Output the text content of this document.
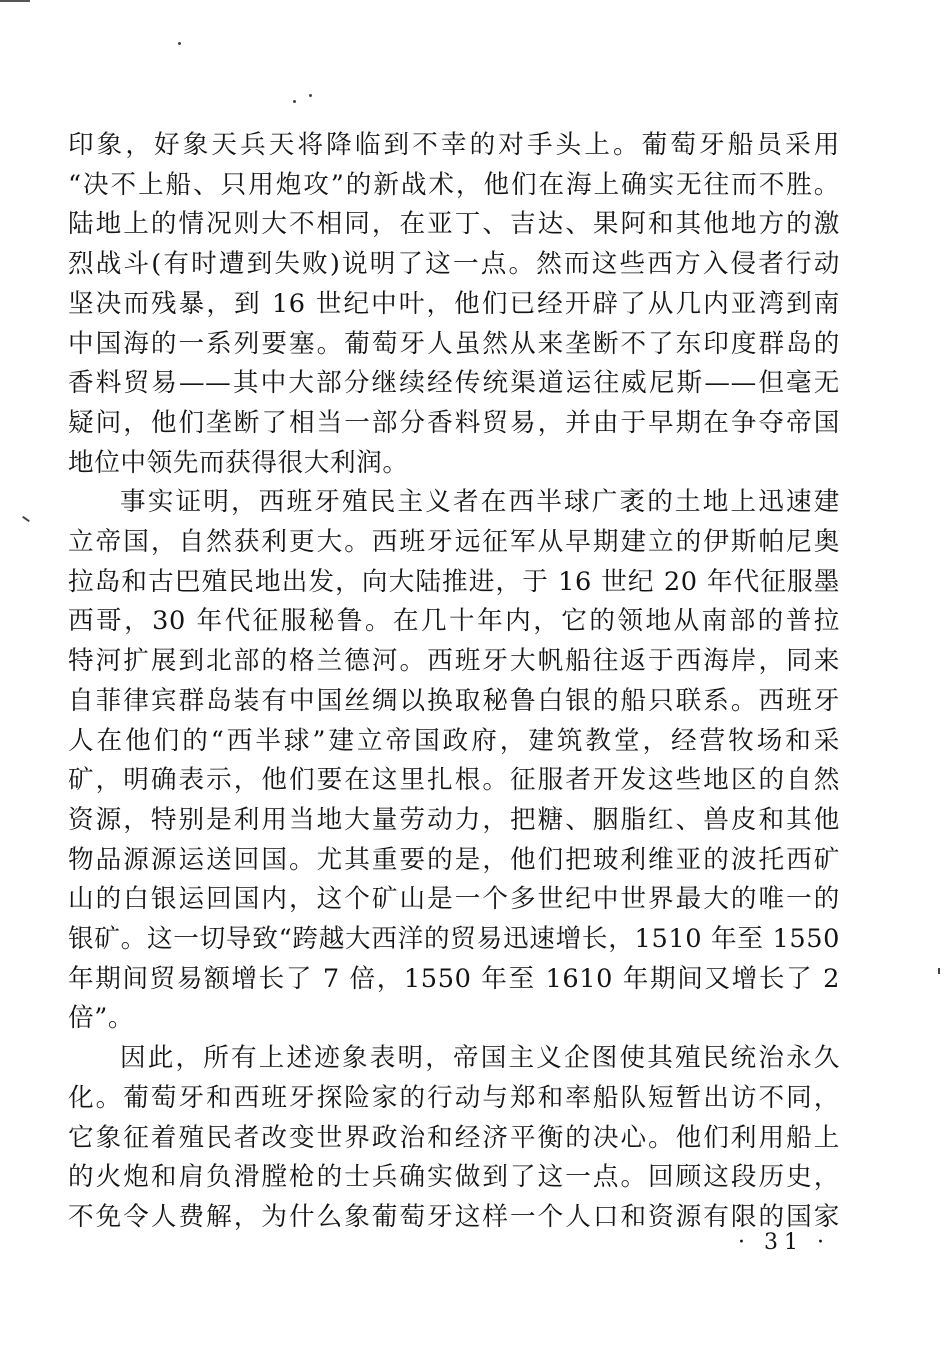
印象，好象天兵天将降临到不幸的对手头上。葡萄牙船员采用
“决不上船、只用炮攻”的新战术，他们在海上确实无往而不胜。
陆地上的情况则大不相同，在亚丁、吉达、果阿和其他地方的激
烈战斗(有时遭到失败)说明了这一点。然而这些西方入侵者行动
坚决而残暴，到 16 世纪中叶，他们已经开辟了从几内亚湾到南
中国海的一系列要塞。葡萄牙人虽然从来垄断不了东印度群岛的
香料贸易——其中大部分继续经传统渠道运往威尼斯——但毫无
疑问，他们垄断了相当一部分香料贸易，并由于早期在争夺帝国
地位中领先而获得很大利润。
事实证明，西班牙殖民主义者在西半球广袤的土地上迅速建
立帝国，自然获利更大。西班牙远征军从早期建立的伊斯帕尼奥
拉岛和古巴殖民地出发，向大陆推进，于 16 世纪 20 年代征服墨
西哥，30 年代征服秘鲁。在几十年内，它的领地从南部的普拉
特河扩展到北部的格兰德河。西班牙大帆船往返于西海岸，同来
自菲律宾群岛装有中国丝绸以换取秘鲁白银的船只联系。西班牙
人在他们的“西半球”建立帝国政府，建筑教堂，经营牧场和采
矿，明确表示，他们要在这里扎根。征服者开发这些地区的自然
资源，特别是利用当地大量劳动力，把糖、胭脂红、兽皮和其他
物品源源运送回国。尤其重要的是，他们把玻利维亚的波托西矿
山的白银运回国内，这个矿山是一个多世纪中世界最大的唯一的
银矿。这一切导致“跨越大西洋的贸易迅速增长，1510 年至 1550
年期间贸易额增长了 7 倍，1550 年至 1610 年期间又增长了 2
倍”。
因此，所有上述迹象表明，帝国主义企图使其殖民统治永久
化。葡萄牙和西班牙探险家的行动与郑和率船队短暂出访不同，
它象征着殖民者改变世界政治和经济平衡的决心。他们利用船上
的火炮和肩负滑膛枪的士兵确实做到了这一点。回顾这段历史，
不免令人费解，为什么象葡萄牙这样一个人口和资源有限的国家
· 31 ·
